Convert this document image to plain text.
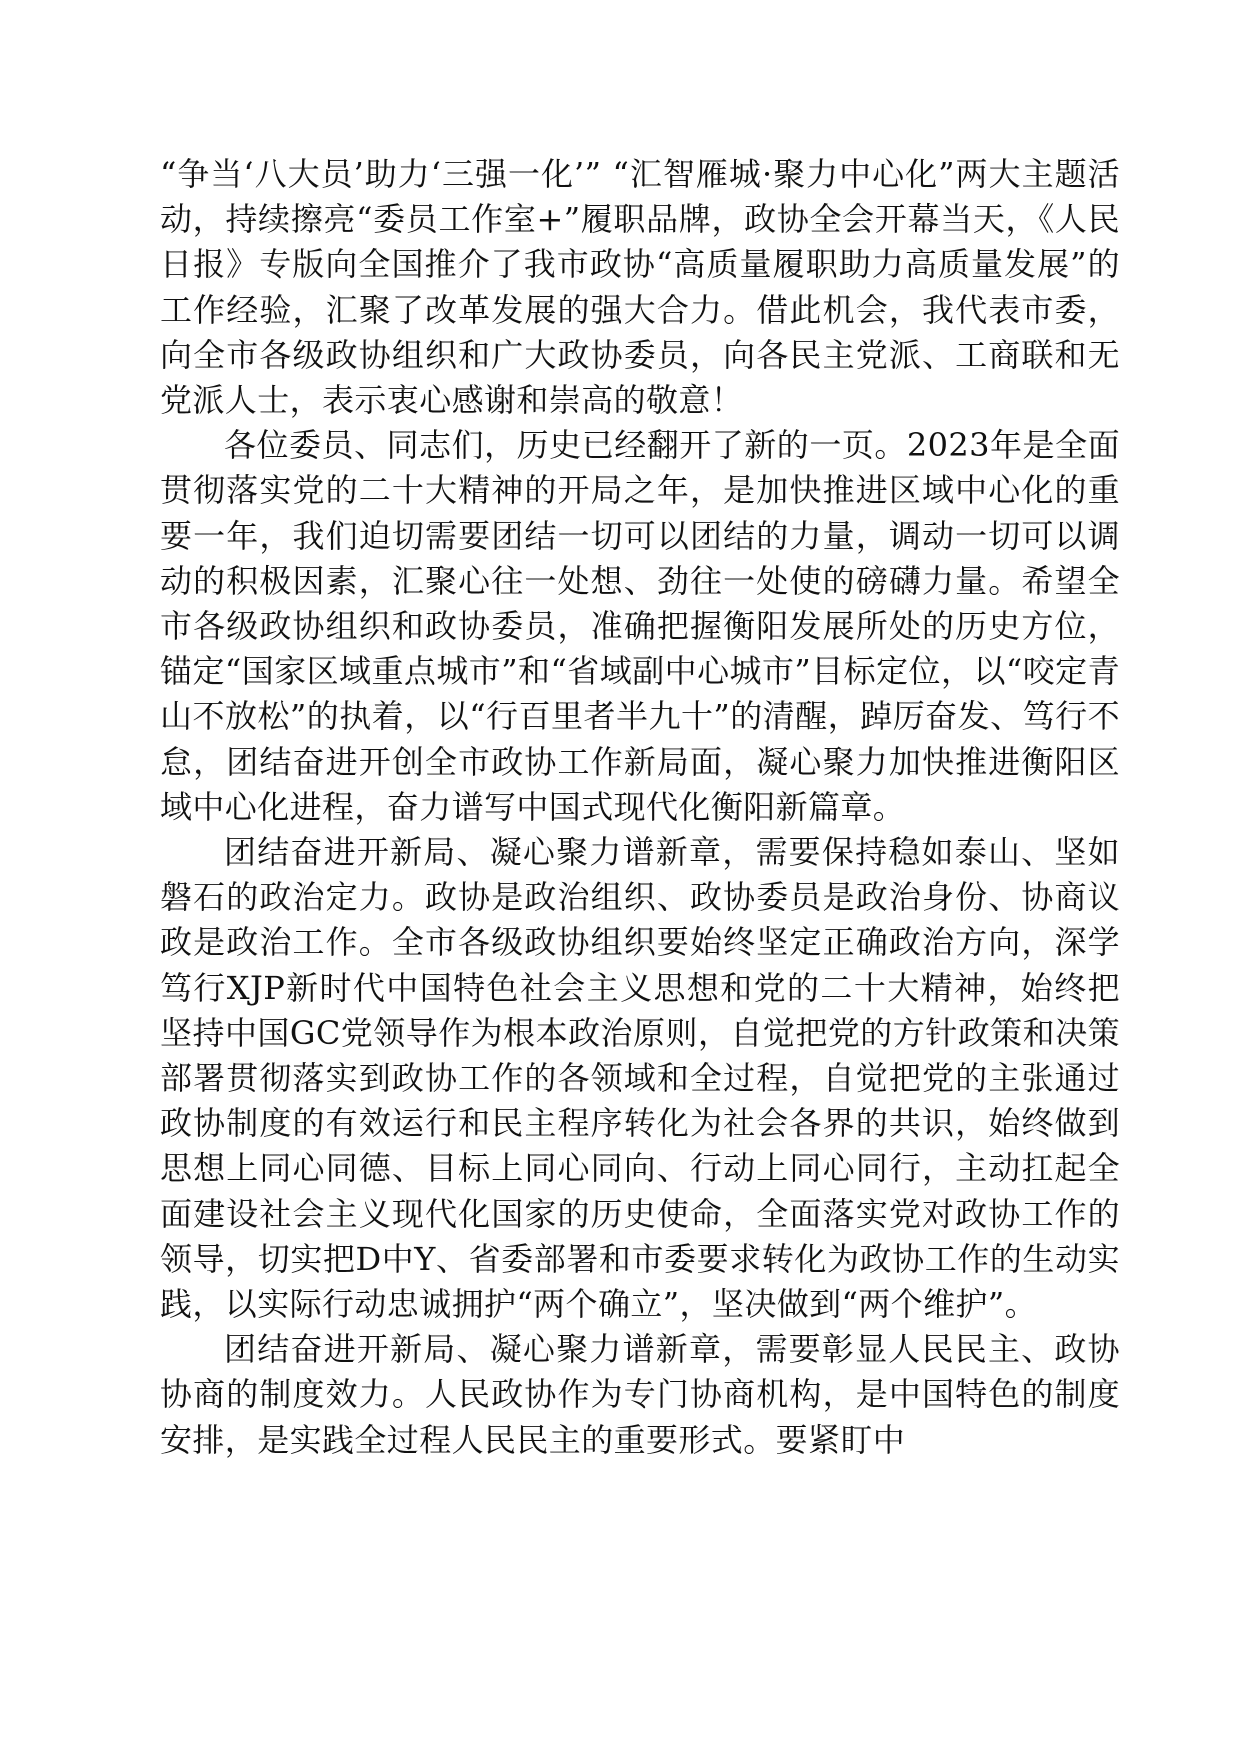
“争当‘八大员’助力‘三强一化’” “汇智雁城·聚力中心化”两大主题活动，持续擦亮“委员工作室+”履职品牌，政协全会开幕当天，《人民日报》专版向全国推介了我市政协“高质量履职助力高质量发展”的工作经验，汇聚了改革发展的强大合力。借此机会，我代表市委，向全市各级政协组织和广大政协委员，向各民主党派、工商联和无党派人士，表示衷心感谢和崇高的敬意！

各位委员、同志们，历史已经翻开了新的一页。2023年是全面贯彻落实党的二十大精神的开局之年，是加快推进区域中心化的重要一年，我们迫切需要团结一切可以团结的力量，调动一切可以调动的积极因素，汇聚心往一处想、劲往一处使的磅礴力量。希望全市各级政协组织和政协委员，准确把握衡阳发展所处的历史方位，锚定“国家区域重点城市”和“省域副中心城市”目标定位，以“咬定青山不放松”的执着，以“行百里者半九十”的清醒，踔厉奋发、笃行不怠，团结奋进开创全市政协工作新局面，凝心聚力加快推进衡阳区域中心化进程，奋力谱写中国式现代化衡阳新篇章。

团结奋进开新局、凝心聚力谱新章，需要保持稳如泰山、坚如磐石的政治定力。政协是政治组织、政协委员是政治身份、协商议政是政治工作。全市各级政协组织要始终坚定正确政治方向，深学笃行XJP新时代中国特色社会主义思想和党的二十大精神，始终把坚持中国GC党领导作为根本政治原则，自觉把党的方针政策和决策部署贯彻落实到政协工作的各领域和全过程，自觉把党的主张通过政协制度的有效运行和民主程序转化为社会各界的共识，始终做到思想上同心同德、目标上同心同向、行动上同心同行，主动扛起全面建设社会主义现代化国家的历史使命，全面落实党对政协工作的领导，切实把D中Y、省委部署和市委要求转化为政协工作的生动实践，以实际行动忠诚拥护“两个确立”，坚决做到“两个维护”。

团结奋进开新局、凝心聚力谱新章，需要彰显人民民主、政协协商的制度效力。人民政协作为专门协商机构，是中国特色的制度安排，是实践全过程人民民主的重要形式。要紧盯中
